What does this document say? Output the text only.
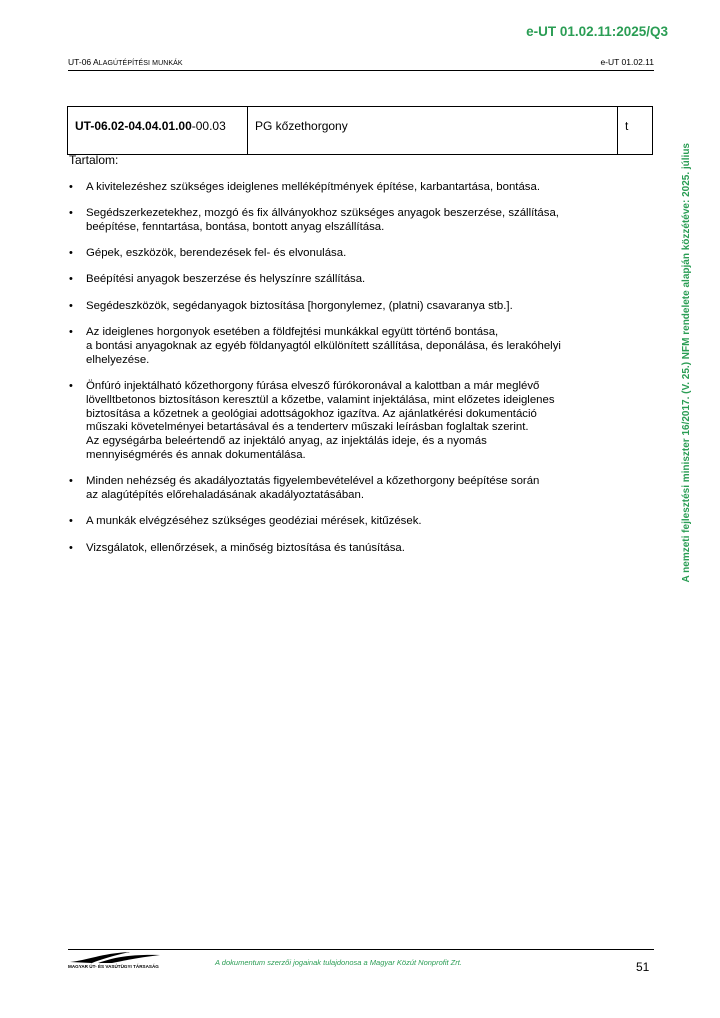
e-UT 01.02.11:2025/Q3
UT-06 ALAGÚTÉPÍTÉSI MUNKÁK	e-UT 01.02.11
A nemzeti fejlesztési miniszter 16/2017. (V. 25.) NFM rendelete alapján közzétéve: 2025. július
UT-06.02-04.04.01.00-00.03	PG kőzethorgony	t

Tartalom:

• A kivitelezéshez szükséges ideiglenes melléképítmények építése, karbantartása, bontása.
• Segédszerkezetekhez, mozgó és fix állványokhoz szükséges anyagok beszerzése, szállítása,
beépítése, fenntartása, bontása, bontott anyag elszállítása.
• Gépek, eszközök, berendezések fel- és elvonulása.
• Beépítési anyagok beszerzése és helyszínre szállítása.
• Segédeszközök, segédanyagok biztosítása [horgonylemez, (platni) csavaranya stb.].
• Az ideiglenes horgonyok esetében a földfejtési munkákkal együtt történő bontása,
a bontási anyagoknak az egyéb földanyagtól elkülönített szállítása, deponálása, és lerakóhelyi
elhelyezése.
• Önfúró injektálható kőzethorgony fúrása elvesző fúrókoronával a kalottban a már meglévő
lövelltbetonos biztosításon keresztül a kőzetbe, valamint injektálása, mint előzetes ideiglenes
biztosítása a kőzetnek a geológiai adottságokhoz igazítva. Az ajánlatkérési dokumentáció
műszaki követelményei betartásával és a tenderterv műszaki leírásban foglaltak szerint.
Az egységárba beleértendő az injektáló anyag, az injektálás ideje, és a nyomás
mennyiségmérés és annak dokumentálása.
• Minden nehézség és akadályoztatás figyelembevételével a kőzethorgony beépítése során
az alagútépítés előrehaladásának akadályoztatásában.
• A munkák elvégzéséhez szükséges geodéziai mérések, kitűzések.
• Vizsgálatok, ellenőrzések, a minőség biztosítása és tanúsítása.
MAGYAR ÚT- ÉS VASÚTÜGYI TÁRSASÁG	A dokumentum szerzői jogainak tulajdonosa a Magyar Közút Nonprofit Zrt.	51
